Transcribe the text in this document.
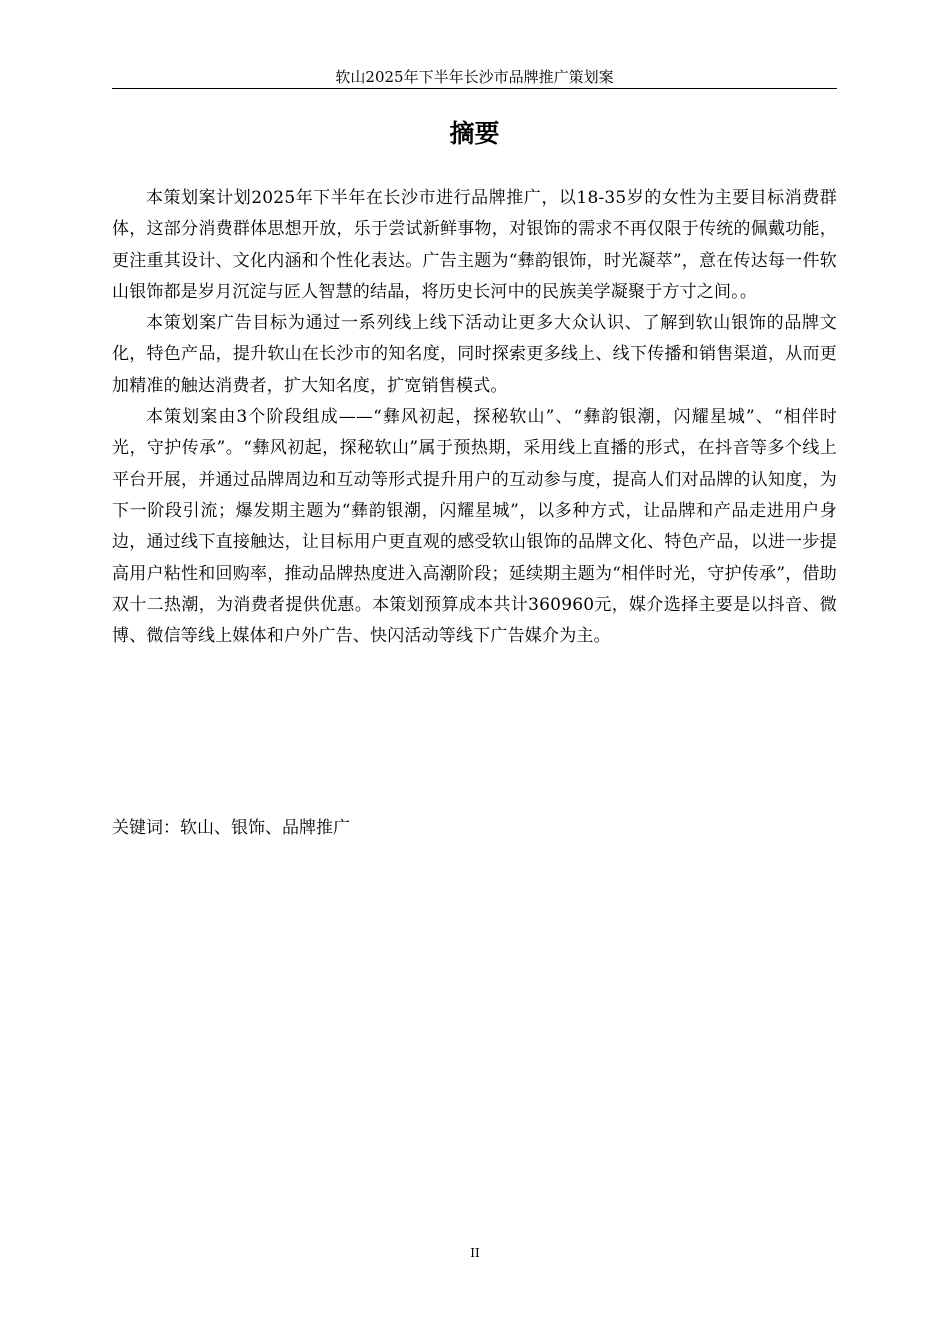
软山2025年下半年长沙市品牌推广策划案
摘要

本策划案计划2025年下半年在长沙市进行品牌推广，以18-35岁的女性为主要目标消费群体，这部分消费群体思想开放，乐于尝试新鲜事物，对银饰的需求不再仅限于传统的佩戴功能，更注重其设计、文化内涵和个性化表达。广告主题为“彝韵银饰，时光凝萃”，意在传达每一件软山银饰都是岁月沉淀与匠人智慧的结晶，将历史长河中的民族美学凝聚于方寸之间。。

本策划案广告目标为通过一系列线上线下活动让更多大众认识、了解到软山银饰的品牌文化，特色产品，提升软山在长沙市的知名度，同时探索更多线上、线下传播和销售渠道，从而更加精准的触达消费者，扩大知名度，扩宽销售模式。

本策划案由3个阶段组成——“彝风初起，探秘软山”、“彝韵银潮，闪耀星城”、“相伴时光，守护传承”。“彝风初起，探秘软山”属于预热期，采用线上直播的形式，在抖音等多个线上平台开展，并通过品牌周边和互动等形式提升用户的互动参与度，提高人们对品牌的认知度，为下一阶段引流；爆发期主题为“彝韵银潮，闪耀星城”，以多种方式，让品牌和产品走进用户身边，通过线下直接触达，让目标用户更直观的感受软山银饰的品牌文化、特色产品，以进一步提高用户粘性和回购率，推动品牌热度进入高潮阶段；延续期主题为“相伴时光，守护传承”，借助双十二热潮，为消费者提供优惠。本策划预算成本共计360960元，媒介选择主要是以抖音、微博、微信等线上媒体和户外广告、快闪活动等线下广告媒介为主。

关键词：软山、银饰、品牌推广
II
